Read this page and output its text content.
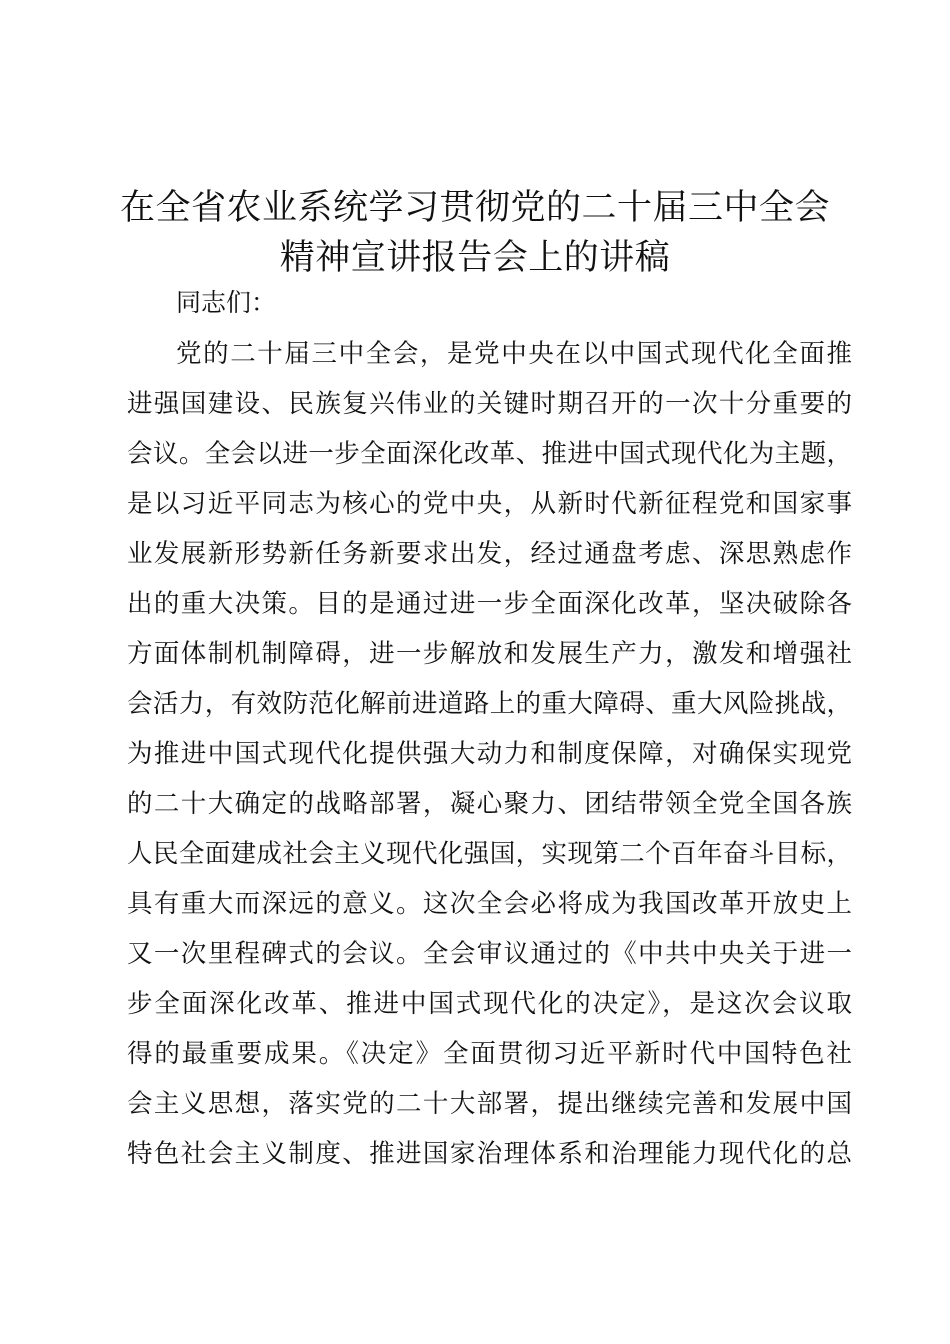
在全省农业系统学习贯彻党的二十届三中全会
精神宣讲报告会上的讲稿
同志们：
党的二十届三中全会，是党中央在以中国式现代化全面推
进强国建设、民族复兴伟业的关键时期召开的一次十分重要的
会议。全会以进一步全面深化改革、推进中国式现代化为主题，
是以习近平同志为核心的党中央，从新时代新征程党和国家事
业发展新形势新任务新要求出发，经过通盘考虑、深思熟虑作
出的重大决策。目的是通过进一步全面深化改革，坚决破除各
方面体制机制障碍，进一步解放和发展生产力，激发和增强社
会活力，有效防范化解前进道路上的重大障碍、重大风险挑战，
为推进中国式现代化提供强大动力和制度保障，对确保实现党
的二十大确定的战略部署，凝心聚力、团结带领全党全国各族
人民全面建成社会主义现代化强国，实现第二个百年奋斗目标，
具有重大而深远的意义。这次全会必将成为我国改革开放史上
又一次里程碑式的会议。全会审议通过的《中共中央关于进一
步全面深化改革、推进中国式现代化的决定》，是这次会议取
得的最重要成果。《决定》全面贯彻习近平新时代中国特色社
会主义思想，落实党的二十大部署，提出继续完善和发展中国
特色社会主义制度、推进国家治理体系和治理能力现代化的总
